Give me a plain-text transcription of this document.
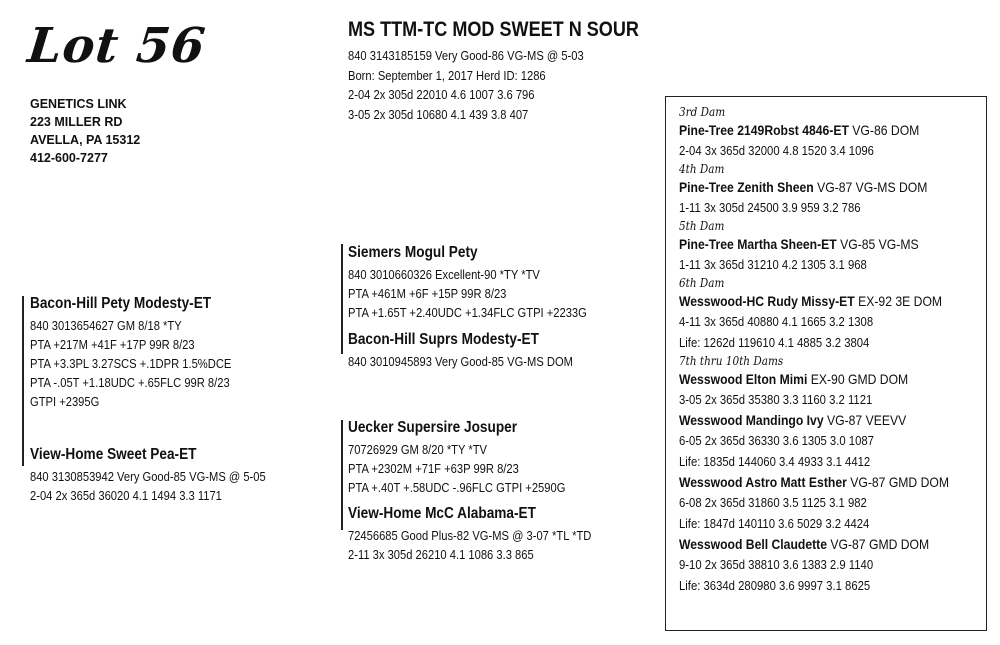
Lot 56
GENETICS LINK
223 MILLER RD
AVELLA, PA 15312
412-600-7277
MS TTM-TC MOD SWEET N SOUR
840 3143185159 Very Good-86 VG-MS @ 5-03
Born: September 1, 2017 Herd ID: 1286
2-04 2x 305d 22010 4.6 1007 3.6 796
3-05 2x 305d 10680 4.1 439 3.8 407
Bacon-Hill Pety Modesty-ET
840 3013654627 GM 8/18 *TY
PTA +217M +41F +17P 99R 8/23
PTA +3.3PL 3.27SCS +.1DPR 1.5%DCE
PTA -.05T +1.18UDC +.65FLC 99R 8/23
GTPI +2395G
View-Home Sweet Pea-ET
840 3130853942 Very Good-85 VG-MS @ 5-05
2-04 2x 365d 36020 4.1 1494 3.3 1171
Siemers Mogul Pety
840 3010660326 Excellent-90 *TY *TV
PTA +461M +6F +15P 99R 8/23
PTA +1.65T +2.40UDC +1.34FLC GTPI +2233G
Bacon-Hill Suprs Modesty-ET
840 3010945893 Very Good-85 VG-MS DOM
Uecker Supersire Josuper
70726929 GM 8/20 *TY *TV
PTA +2302M +71F +63P 99R 8/23
PTA +.40T +.58UDC -.96FLC GTPI +2590G
View-Home McC Alabama-ET
72456685 Good Plus-82 VG-MS @ 3-07 *TL *TD
2-11 3x 305d 26210 4.1 1086 3.3 865
3rd Dam
Pine-Tree 2149Robst 4846-ET VG-86 DOM
2-04 3x 365d 32000 4.8 1520 3.4 1096
4th Dam
Pine-Tree Zenith Sheen VG-87 VG-MS DOM
1-11 3x 305d 24500 3.9 959 3.2 786
5th Dam
Pine-Tree Martha Sheen-ET VG-85 VG-MS
1-11 3x 365d 31210 4.2 1305 3.1 968
6th Dam
Wesswood-HC Rudy Missy-ET EX-92 3E DOM
4-11 3x 365d 40880 4.1 1665 3.2 1308
Life: 1262d 119610 4.1 4885 3.2 3804
7th thru 10th Dams
Wesswood Elton Mimi EX-90 GMD DOM
3-05 2x 365d 35380 3.3 1160 3.2 1121
Wesswood Mandingo Ivy VG-87 VEEVV
6-05 2x 365d 36330 3.6 1305 3.0 1087
Life: 1835d 144060 3.4 4933 3.1 4412
Wesswood Astro Matt Esther VG-87 GMD DOM
6-08 2x 365d 31860 3.5 1125 3.1 982
Life: 1847d 140110 3.6 5029 3.2 4424
Wesswood Bell Claudette VG-87 GMD DOM
9-10 2x 365d 38810 3.6 1383 2.9 1140
Life: 3634d 280980 3.6 9997 3.1 8625
